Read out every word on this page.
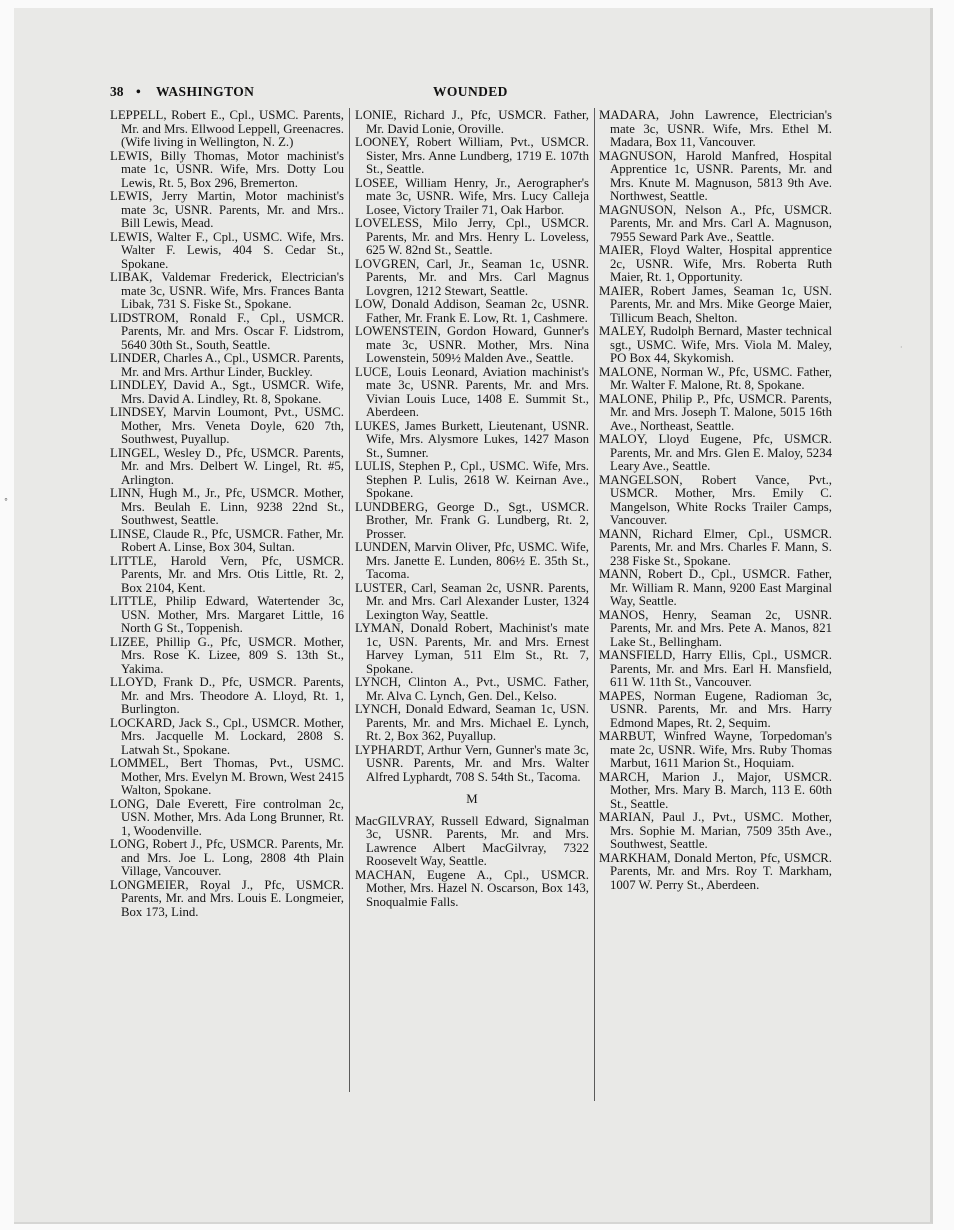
°
·
38 • WASHINGTON	WOUNDED

LEPPELL, Robert E., Cpl., USMC. Parents, Mr. and Mrs. Ellwood Leppell, Greenacres. (Wife living in Wellington, N. Z.)

LEWIS, Billy Thomas, Motor machinist's mate 1c, USNR. Wife, Mrs. Dotty Lou Lewis, Rt. 5, Box 296, Bremerton.

LEWIS, Jerry Martin, Motor machinist's mate 3c, USNR. Parents, Mr. and Mrs.. Bill Lewis, Mead.

LEWIS, Walter F., Cpl., USMC. Wife, Mrs. Walter F. Lewis, 404 S. Cedar St., Spokane.

LIBAK, Valdemar Frederick, Electrician's mate 3c, USNR. Wife, Mrs. Frances Banta Libak, 731 S. Fiske St., Spokane.

LIDSTROM, Ronald F., Cpl., USMCR. Parents, Mr. and Mrs. Oscar F. Lidstrom, 5640 30th St., South, Seattle.

LINDER, Charles A., Cpl., USMCR. Parents, Mr. and Mrs. Arthur Linder, Buckley.

LINDLEY, David A., Sgt., USMCR. Wife, Mrs. David A. Lindley, Rt. 8, Spokane.

LINDSEY, Marvin Loumont, Pvt., USMC. Mother, Mrs. Veneta Doyle, 620 7th, Southwest, Puyallup.

LINGEL, Wesley D., Pfc, USMCR. Parents, Mr. and Mrs. Delbert W. Lingel, Rt. #5, Arlington.

LINN, Hugh M., Jr., Pfc, USMCR. Mother, Mrs. Beulah E. Linn, 9238 22nd St., Southwest, Seattle.

LINSE, Claude R., Pfc, USMCR. Father, Mr. Robert A. Linse, Box 304, Sultan.

LITTLE, Harold Vern, Pfc, USMCR. Parents, Mr. and Mrs. Otis Little, Rt. 2, Box 2104, Kent.

LITTLE, Philip Edward, Watertender 3c, USN. Mother, Mrs. Margaret Little, 16 North G St., Toppenish.

LIZEE, Phillip G., Pfc, USMCR. Mother, Mrs. Rose K. Lizee, 809 S. 13th St., Yakima.

LLOYD, Frank D., Pfc, USMCR. Parents, Mr. and Mrs. Theodore A. Lloyd, Rt. 1, Burlington.

LOCKARD, Jack S., Cpl., USMCR. Mother, Mrs. Jacquelle M. Lockard, 2808 S. Latwah St., Spokane.

LOMMEL, Bert Thomas, Pvt., USMC. Mother, Mrs. Evelyn M. Brown, West 2415 Walton, Spokane.

LONG, Dale Everett, Fire controlman 2c, USN. Mother, Mrs. Ada Long Brunner, Rt. 1, Woodenville.

LONG, Robert J., Pfc, USMCR. Parents, Mr. and Mrs. Joe L. Long, 2808 4th Plain Village, Vancouver.

LONGMEIER, Royal J., Pfc, USMCR. Parents, Mr. and Mrs. Louis E. Longmeier, Box 173, Lind.

LONIE, Richard J., Pfc, USMCR. Father, Mr. David Lonie, Oroville.

LOONEY, Robert William, Pvt., USMCR. Sister, Mrs. Anne Lundberg, 1719 E. 107th St., Seattle.

LOSEE, William Henry, Jr., Aerographer's mate 3c, USNR. Wife, Mrs. Lucy Calleja Losee, Victory Trailer 71, Oak Harbor.

LOVELESS, Milo Jerry, Cpl., USMCR. Parents, Mr. and Mrs. Henry L. Loveless, 625 W. 82nd St., Seattle.

LOVGREN, Carl, Jr., Seaman 1c, USNR. Parents, Mr. and Mrs. Carl Magnus Lovgren, 1212 Stewart, Seattle.

LOW, Donald Addison, Seaman 2c, USNR. Father, Mr. Frank E. Low, Rt. 1, Cashmere.

LOWENSTEIN, Gordon Howard, Gunner's mate 3c, USNR. Mother, Mrs. Nina Lowenstein, 509½ Malden Ave., Seattle.

LUCE, Louis Leonard, Aviation machinist's mate 3c, USNR. Parents, Mr. and Mrs. Vivian Louis Luce, 1408 E. Summit St., Aberdeen.

LUKES, James Burkett, Lieutenant, USNR. Wife, Mrs. Alysmore Lukes, 1427 Mason St., Sumner.

LULIS, Stephen P., Cpl., USMC. Wife, Mrs. Stephen P. Lulis, 2618 W. Keirnan Ave., Spokane.

LUNDBERG, George D., Sgt., USMCR. Brother, Mr. Frank G. Lundberg, Rt. 2, Prosser.

LUNDEN, Marvin Oliver, Pfc, USMC. Wife, Mrs. Janette E. Lunden, 806½ E. 35th St., Tacoma.

LUSTER, Carl, Seaman 2c, USNR. Parents, Mr. and Mrs. Carl Alexander Luster, 1324 Lexington Way, Seattle.

LYMAN, Donald Robert, Machinist's mate 1c, USN. Parents, Mr. and Mrs. Ernest Harvey Lyman, 511 Elm St., Rt. 7, Spokane.

LYNCH, Clinton A., Pvt., USMC. Father, Mr. Alva C. Lynch, Gen. Del., Kelso.

LYNCH, Donald Edward, Seaman 1c, USN. Parents, Mr. and Mrs. Michael E. Lynch, Rt. 2, Box 362, Puyallup.

LYPHARDT, Arthur Vern, Gunner's mate 3c, USNR. Parents, Mr. and Mrs. Walter Alfred Lyphardt, 708 S. 54th St., Tacoma.

M

MacGILVRAY, Russell Edward, Signalman 3c, USNR. Parents, Mr. and Mrs. Lawrence Albert MacGilvray, 7322 Roosevelt Way, Seattle.

MACHAN, Eugene A., Cpl., USMCR. Mother, Mrs. Hazel N. Oscarson, Box 143, Snoqualmie Falls.

MADARA, John Lawrence, Electrician's mate 3c, USNR. Wife, Mrs. Ethel M. Madara, Box 11, Vancouver.

MAGNUSON, Harold Manfred, Hospital Apprentice 1c, USNR. Parents, Mr. and Mrs. Knute M. Magnuson, 5813 9th Ave. Northwest, Seattle.

MAGNUSON, Nelson A., Pfc, USMCR. Parents, Mr. and Mrs. Carl A. Magnuson, 7955 Seward Park Ave., Seattle.

MAIER, Floyd Walter, Hospital apprentice 2c, USNR. Wife, Mrs. Roberta Ruth Maier, Rt. 1, Opportunity.

MAIER, Robert James, Seaman 1c, USN. Parents, Mr. and Mrs. Mike George Maier, Tillicum Beach, Shelton.

MALEY, Rudolph Bernard, Master technical sgt., USMC. Wife, Mrs. Viola M. Maley, PO Box 44, Skykomish.

MALONE, Norman W., Pfc, USMC. Father, Mr. Walter F. Malone, Rt. 8, Spokane.

MALONE, Philip P., Pfc, USMCR. Parents, Mr. and Mrs. Joseph T. Malone, 5015 16th Ave., Northeast, Seattle.

MALOY, Lloyd Eugene, Pfc, USMCR. Parents, Mr. and Mrs. Glen E. Maloy, 5234 Leary Ave., Seattle.

MANGELSON, Robert Vance, Pvt., USMCR. Mother, Mrs. Emily C. Mangelson, White Rocks Trailer Camps, Vancouver.

MANN, Richard Elmer, Cpl., USMCR. Parents, Mr. and Mrs. Charles F. Mann, S. 238 Fiske St., Spokane.

MANN, Robert D., Cpl., USMCR. Father, Mr. William R. Mann, 9200 East Marginal Way, Seattle.

MANOS, Henry, Seaman 2c, USNR. Parents, Mr. and Mrs. Pete A. Manos, 821 Lake St., Bellingham.

MANSFIELD, Harry Ellis, Cpl., USMCR. Parents, Mr. and Mrs. Earl H. Mansfield, 611 W. 11th St., Vancouver.

MAPES, Norman Eugene, Radioman 3c, USNR. Parents, Mr. and Mrs. Harry Edmond Mapes, Rt. 2, Sequim.

MARBUT, Winfred Wayne, Torpedoman's mate 2c, USNR. Wife, Mrs. Ruby Thomas Marbut, 1611 Marion St., Hoquiam.

MARCH, Marion J., Major, USMCR. Mother, Mrs. Mary B. March, 113 E. 60th St., Seattle.

MARIAN, Paul J., Pvt., USMC. Mother, Mrs. Sophie M. Marian, 7509 35th Ave., Southwest, Seattle.

MARKHAM, Donald Merton, Pfc, USMCR. Parents, Mr. and Mrs. Roy T. Markham, 1007 W. Perry St., Aberdeen.
